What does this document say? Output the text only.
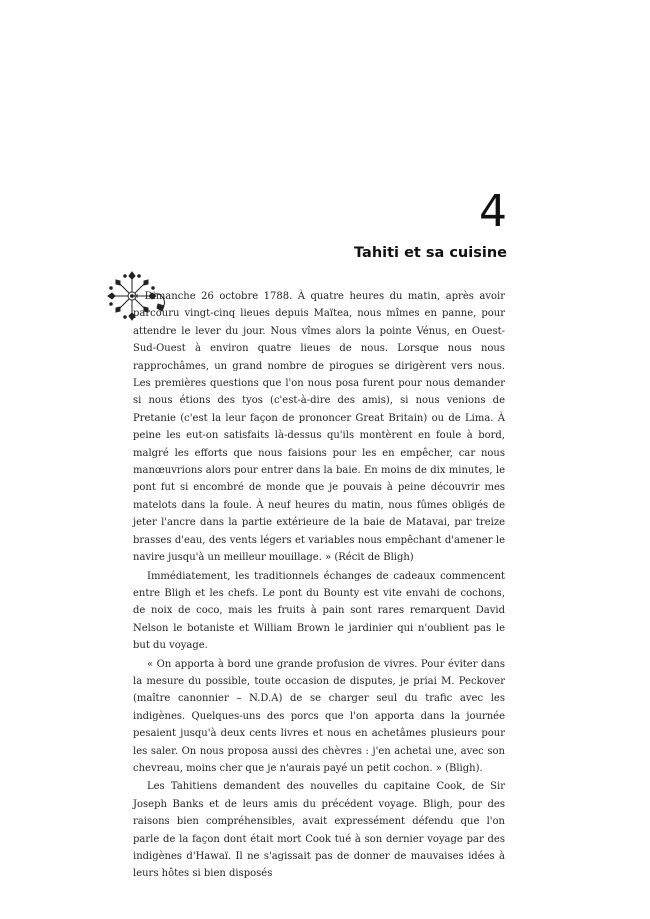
4
Tahiti et sa cuisine

« Dimanche 26 octobre 1788. À quatre heures du matin, après avoir parcouru vingt-cinq lieues depuis Maïtea, nous mîmes en panne, pour attendre le lever du jour. Nous vîmes alors la pointe Vénus, en Ouest-Sud-Ouest à environ quatre lieues de nous. Lorsque nous nous rapprochâmes, un grand nombre de pirogues se dirigèrent vers nous. Les premières questions que l'on nous posa furent pour nous demander si nous étions des tyos (c'est-à-dire des amis), si nous venions de Pretanie (c'est la leur façon de prononcer Great Britain) ou de Lima. À peine les eut-on satisfaits là-dessus qu'ils montèrent en foule à bord, malgré les efforts que nous faisions pour les en empêcher, car nous manœuvrions alors pour entrer dans la baie. En moins de dix minutes, le pont fut si encombré de monde que je pouvais à peine découvrir mes matelots dans la foule. À neuf heures du matin, nous fûmes obligés de jeter l'ancre dans la partie extérieure de la baie de Matavai, par treize brasses d'eau, des vents légers et variables nous empêchant d'amener le navire jusqu'à un meilleur mouillage. » (Récit de Bligh)

Immédiatement, les traditionnels échanges de cadeaux commencent entre Bligh et les chefs. Le pont du Bounty est vite envahi de cochons, de noix de coco, mais les fruits à pain sont rares remarquent David Nelson le botaniste et William Brown le jardinier qui n'oublient pas le but du voyage.

« On apporta à bord une grande profusion de vivres. Pour éviter dans la mesure du possible, toute occasion de disputes, je priai M. Peckover (maître canonnier – N.D.A) de se charger seul du trafic avec les indigènes. Quelques-uns des porcs que l'on apporta dans la journée pesaient jusqu'à deux cents livres et nous en achetâmes plusieurs pour les saler. On nous proposa aussi des chèvres : j'en achetai une, avec son chevreau, moins cher que je n'aurais payé un petit cochon. » (Bligh).

Les Tahitiens demandent des nouvelles du capitaine Cook, de Sir Joseph Banks et de leurs amis du précédent voyage. Bligh, pour des raisons bien compréhensibles, avait expressément défendu que l'on parle de la façon dont était mort Cook tué à son dernier voyage par des indigènes d'Hawaï. Il ne s'agissait pas de donner de mauvaises idées à leurs hôtes si bien disposés
